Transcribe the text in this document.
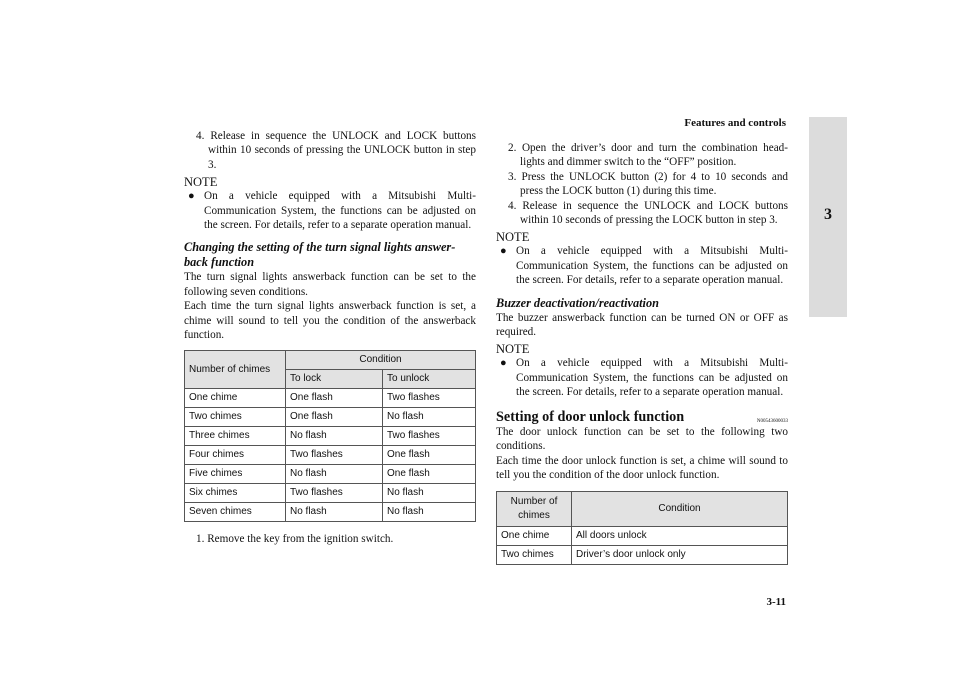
Features and controls
3

4. Release in sequence the UNLOCK and LOCK buttons within 10 seconds of pressing the UNLOCK button in step 3.

NOTE
● On a vehicle equipped with a Mitsubishi Multi-Communication System, the functions can be adjusted on the screen. For details, refer to a separate operation manual.
Changing the setting of the turn signal lights answer-back function

The turn signal lights answerback function can be set to the following seven conditions.

Each time the turn signal lights answerback function is set, a chime will sound to tell you the condition of the answerback function.

Number of chimes	Condition	
	To lock	To unlock
One chime	One flash	Two flashes
Two chimes	One flash	No flash
Three chimes	No flash	Two flashes
Four chimes	Two flashes	One flash
Five chimes	No flash	One flash
Six chimes	Two flashes	No flash
Seven chimes	No flash	No flash

1. Remove the key from the ignition switch.

2. Open the driver’s door and turn the combination head-lights and dimmer switch to the “OFF” position.

3. Press the UNLOCK button (2) for 4 to 10 seconds and press the LOCK button (1) during this time.

4. Release in sequence the UNLOCK and LOCK buttons within 10 seconds of pressing the LOCK button in step 3.

NOTE
● On a vehicle equipped with a Mitsubishi Multi-Communication System, the functions can be adjusted on the screen. For details, refer to a separate operation manual.
Buzzer deactivation/reactivation

The buzzer answerback function can be turned ON or OFF as required.

NOTE
● On a vehicle equipped with a Mitsubishi Multi-Communication System, the functions can be adjusted on the screen. For details, refer to a separate operation manual.
Setting of door unlock function	N00543600033

The door unlock function can be set to the following two conditions.

Each time the door unlock function is set, a chime will sound to tell you the condition of the door unlock function.

Number of chimes	Condition
One chime	All doors unlock
Two chimes	Driver’s door unlock only
3-11
